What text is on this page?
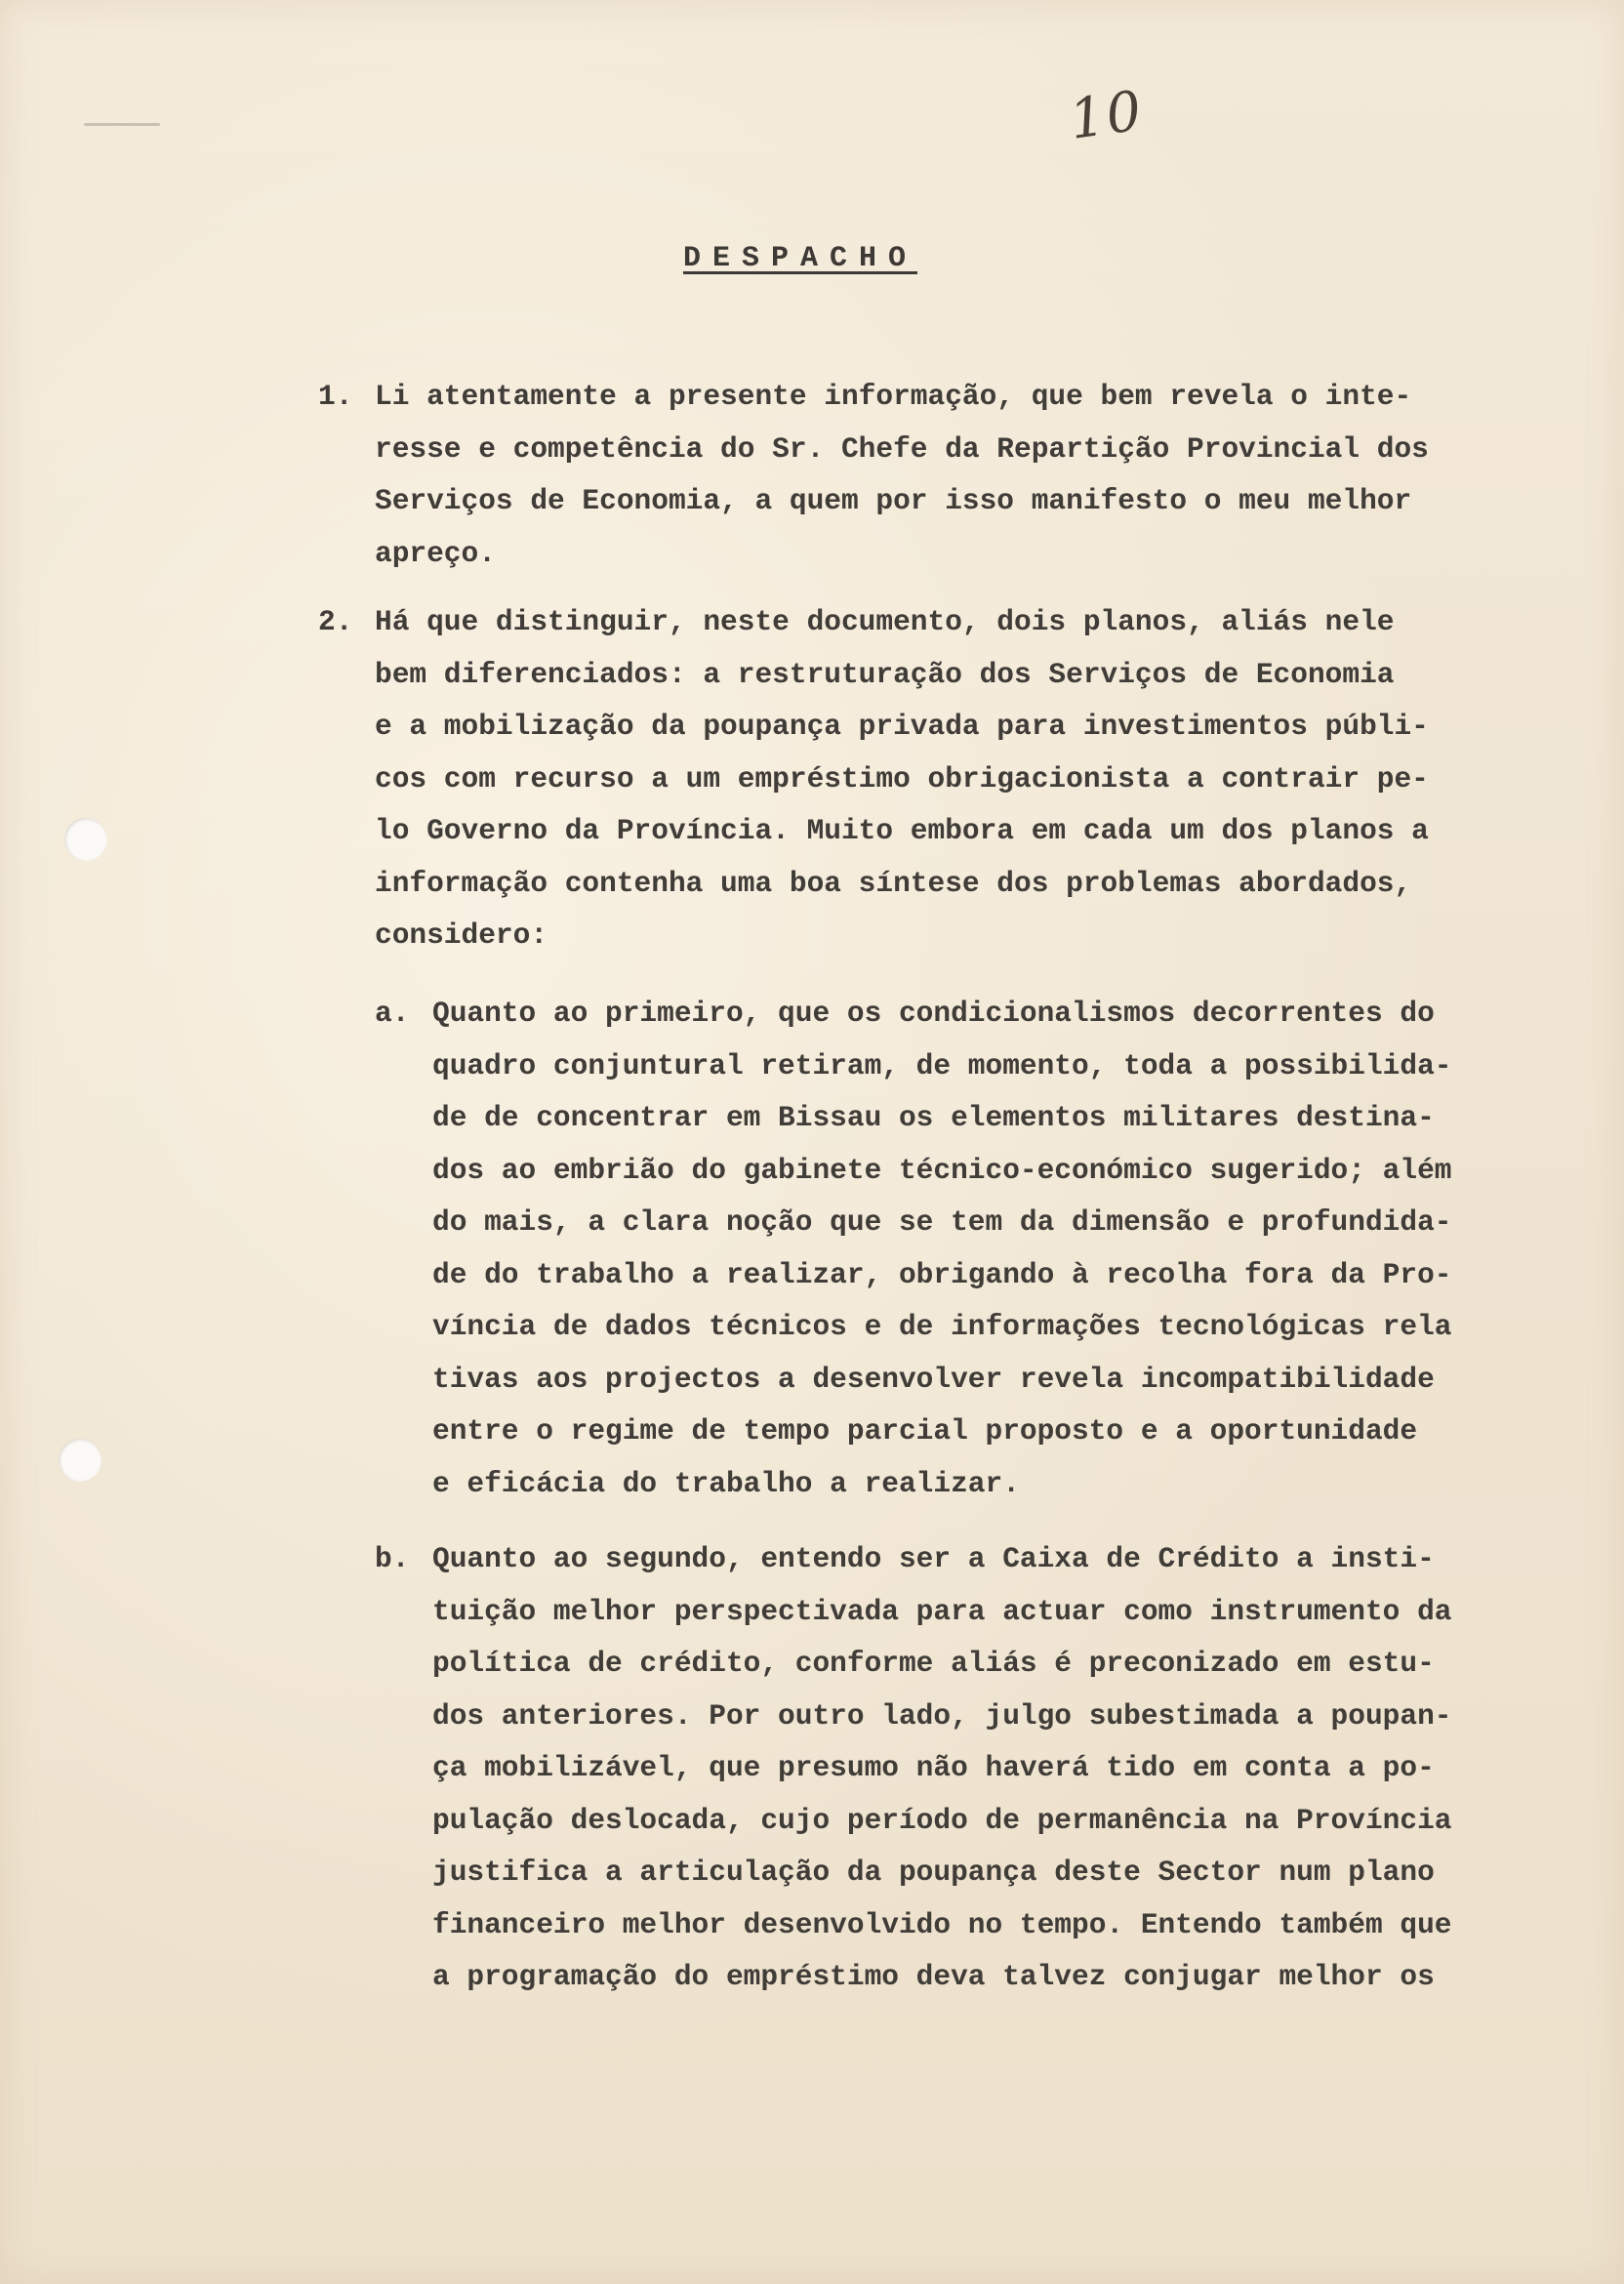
10
DESPACHO
1. Li atentamente a presente informação, que bem revela o inte-
resse e competência do Sr. Chefe da Repartição Provincial dos
Serviços de Economia, a quem por isso manifesto o meu melhor
apreço.

2. Há que distinguir, neste documento, dois planos, aliás nele
bem diferenciados: a restruturação dos Serviços de Economia
e a mobilização da poupança privada para investimentos públi-
cos com recurso a um empréstimo obrigacionista a contrair pe-
lo Governo da Província. Muito embora em cada um dos planos a
informação contenha uma boa síntese dos problemas abordados,
considero:

a. Quanto ao primeiro, que os condicionalismos decorrentes do
quadro conjuntural retiram, de momento, toda a possibilida-
de de concentrar em Bissau os elementos militares destina-
dos ao embrião do gabinete técnico-económico sugerido; além
do mais, a clara noção que se tem da dimensão e profundida-
de do trabalho a realizar, obrigando à recolha fora da Pro-
víncia de dados técnicos e de informações tecnológicas rela
tivas aos projectos a desenvolver revela incompatibilidade
entre o regime de tempo parcial proposto e a oportunidade
e eficácia do trabalho a realizar.

b. Quanto ao segundo, entendo ser a Caixa de Crédito a insti-
tuição melhor perspectivada para actuar como instrumento da
política de crédito, conforme aliás é preconizado em estu-
dos anteriores. Por outro lado, julgo subestimada a poupan-
ça mobilizável, que presumo não haverá tido em conta a po-
pulação deslocada, cujo período de permanência na Província
justifica a articulação da poupança deste Sector num plano
financeiro melhor desenvolvido no tempo. Entendo também que
a programação do empréstimo deva talvez conjugar melhor os
